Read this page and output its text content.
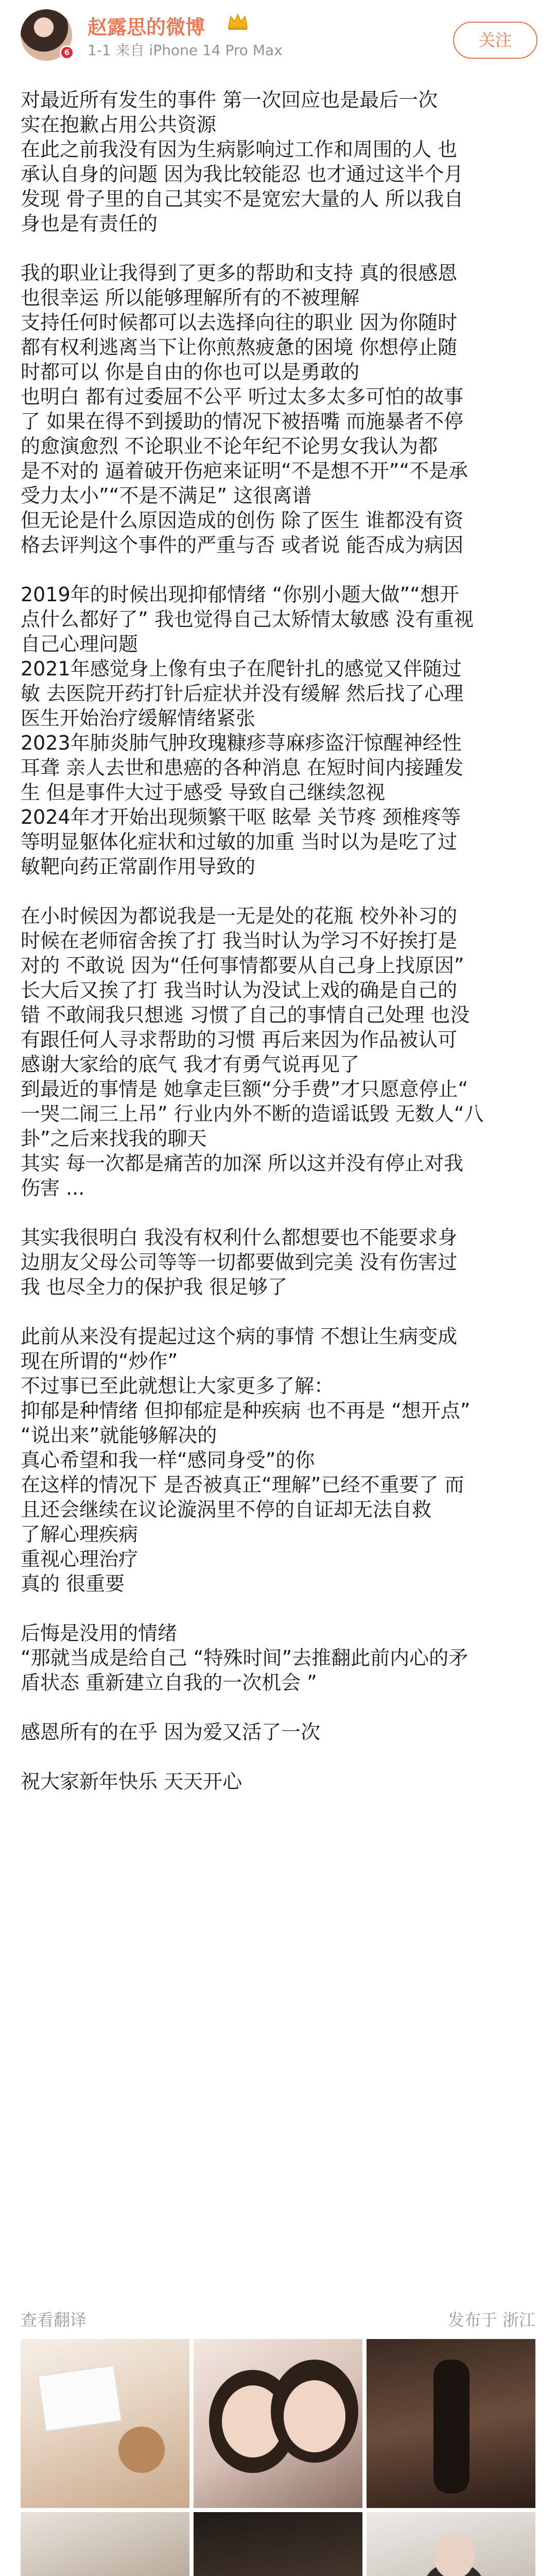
6
赵露思的微博
1-1 来自 iPhone 14 Pro Max
关注

对最近所有发生的事件 第一次回应也是最后一次
实在抱歉占用公共资源
在此之前我没有因为生病影响过工作和周围的人 也
承认自身的问题 因为我比较能忍 也才通过这半个月
发现 骨子里的自己其实不是宽宏大量的人 所以我自
身也是有责任的

我的职业让我得到了更多的帮助和支持 真的很感恩
也很幸运 所以能够理解所有的不被理解
支持任何时候都可以去选择向往的职业 因为你随时
都有权利逃离当下让你煎熬疲惫的困境 你想停止随
时都可以 你是自由的你也可以是勇敢的
也明白 都有过委屈不公平 听过太多太多可怕的故事
了 如果在得不到援助的情况下被捂嘴 而施暴者不停
的愈演愈烈 不论职业不论年纪不论男女我认为都
是不对的 逼着破开伤疤来证明“不是想不开”“不是承
受力太小”“不是不满足” 这很离谱
但无论是什么原因造成的创伤 除了医生 谁都没有资
格去评判这个事件的严重与否 或者说 能否成为病因

2019年的时候出现抑郁情绪 “你别小题大做”“想开
点什么都好了” 我也觉得自己太矫情太敏感 没有重视
自己心理问题
2021年感觉身上像有虫子在爬针扎的感觉又伴随过
敏 去医院开药打针后症状并没有缓解 然后找了心理
医生开始治疗缓解情绪紧张
2023年肺炎肺气肿玫瑰糠疹荨麻疹盗汗惊醒神经性
耳聋 亲人去世和患癌的各种消息 在短时间内接踵发
生 但是事件大过于感受 导致自己继续忽视
2024年才开始出现频繁干呕 眩晕 关节疼 颈椎疼等
等明显躯体化症状和过敏的加重 当时以为是吃了过
敏靶向药正常副作用导致的

在小时候因为都说我是一无是处的花瓶 校外补习的
时候在老师宿舍挨了打 我当时认为学习不好挨打是
对的 不敢说 因为“任何事情都要从自己身上找原因”
长大后又挨了打 我当时认为没试上戏的确是自己的
错 不敢闹我只想逃 习惯了自己的事情自己处理 也没
有跟任何人寻求帮助的习惯 再后来因为作品被认可
感谢大家给的底气 我才有勇气说再见了
到最近的事情是 她拿走巨额“分手费”才只愿意停止“
一哭二闹三上吊” 行业内外不断的造谣诋毁 无数人“八
卦”之后来找我的聊天
其实 每一次都是痛苦的加深 所以这并没有停止对我
伤害 ...

其实我很明白 我没有权利什么都想要也不能要求身
边朋友父母公司等等一切都要做到完美 没有伤害过
我 也尽全力的保护我 很足够了

此前从来没有提起过这个病的事情 不想让生病变成
现在所谓的“炒作”
不过事已至此就想让大家更多了解：
抑郁是种情绪 但抑郁症是种疾病 也不再是 “想开点”
“说出来”就能够解决的
真心希望和我一样“感同身受”的你
在这样的情况下 是否被真正“理解”已经不重要了 而
且还会继续在议论漩涡里不停的自证却无法自救
了解心理疾病
重视心理治疗
真的 很重要

后悔是没用的情绪
“那就当成是给自己 “特殊时间”去推翻此前内心的矛
盾状态 重新建立自我的一次机会 ”

感恩所有的在乎 因为爱又活了一次

祝大家新年快乐 天天开心

查看翻译	发布于 浙江
